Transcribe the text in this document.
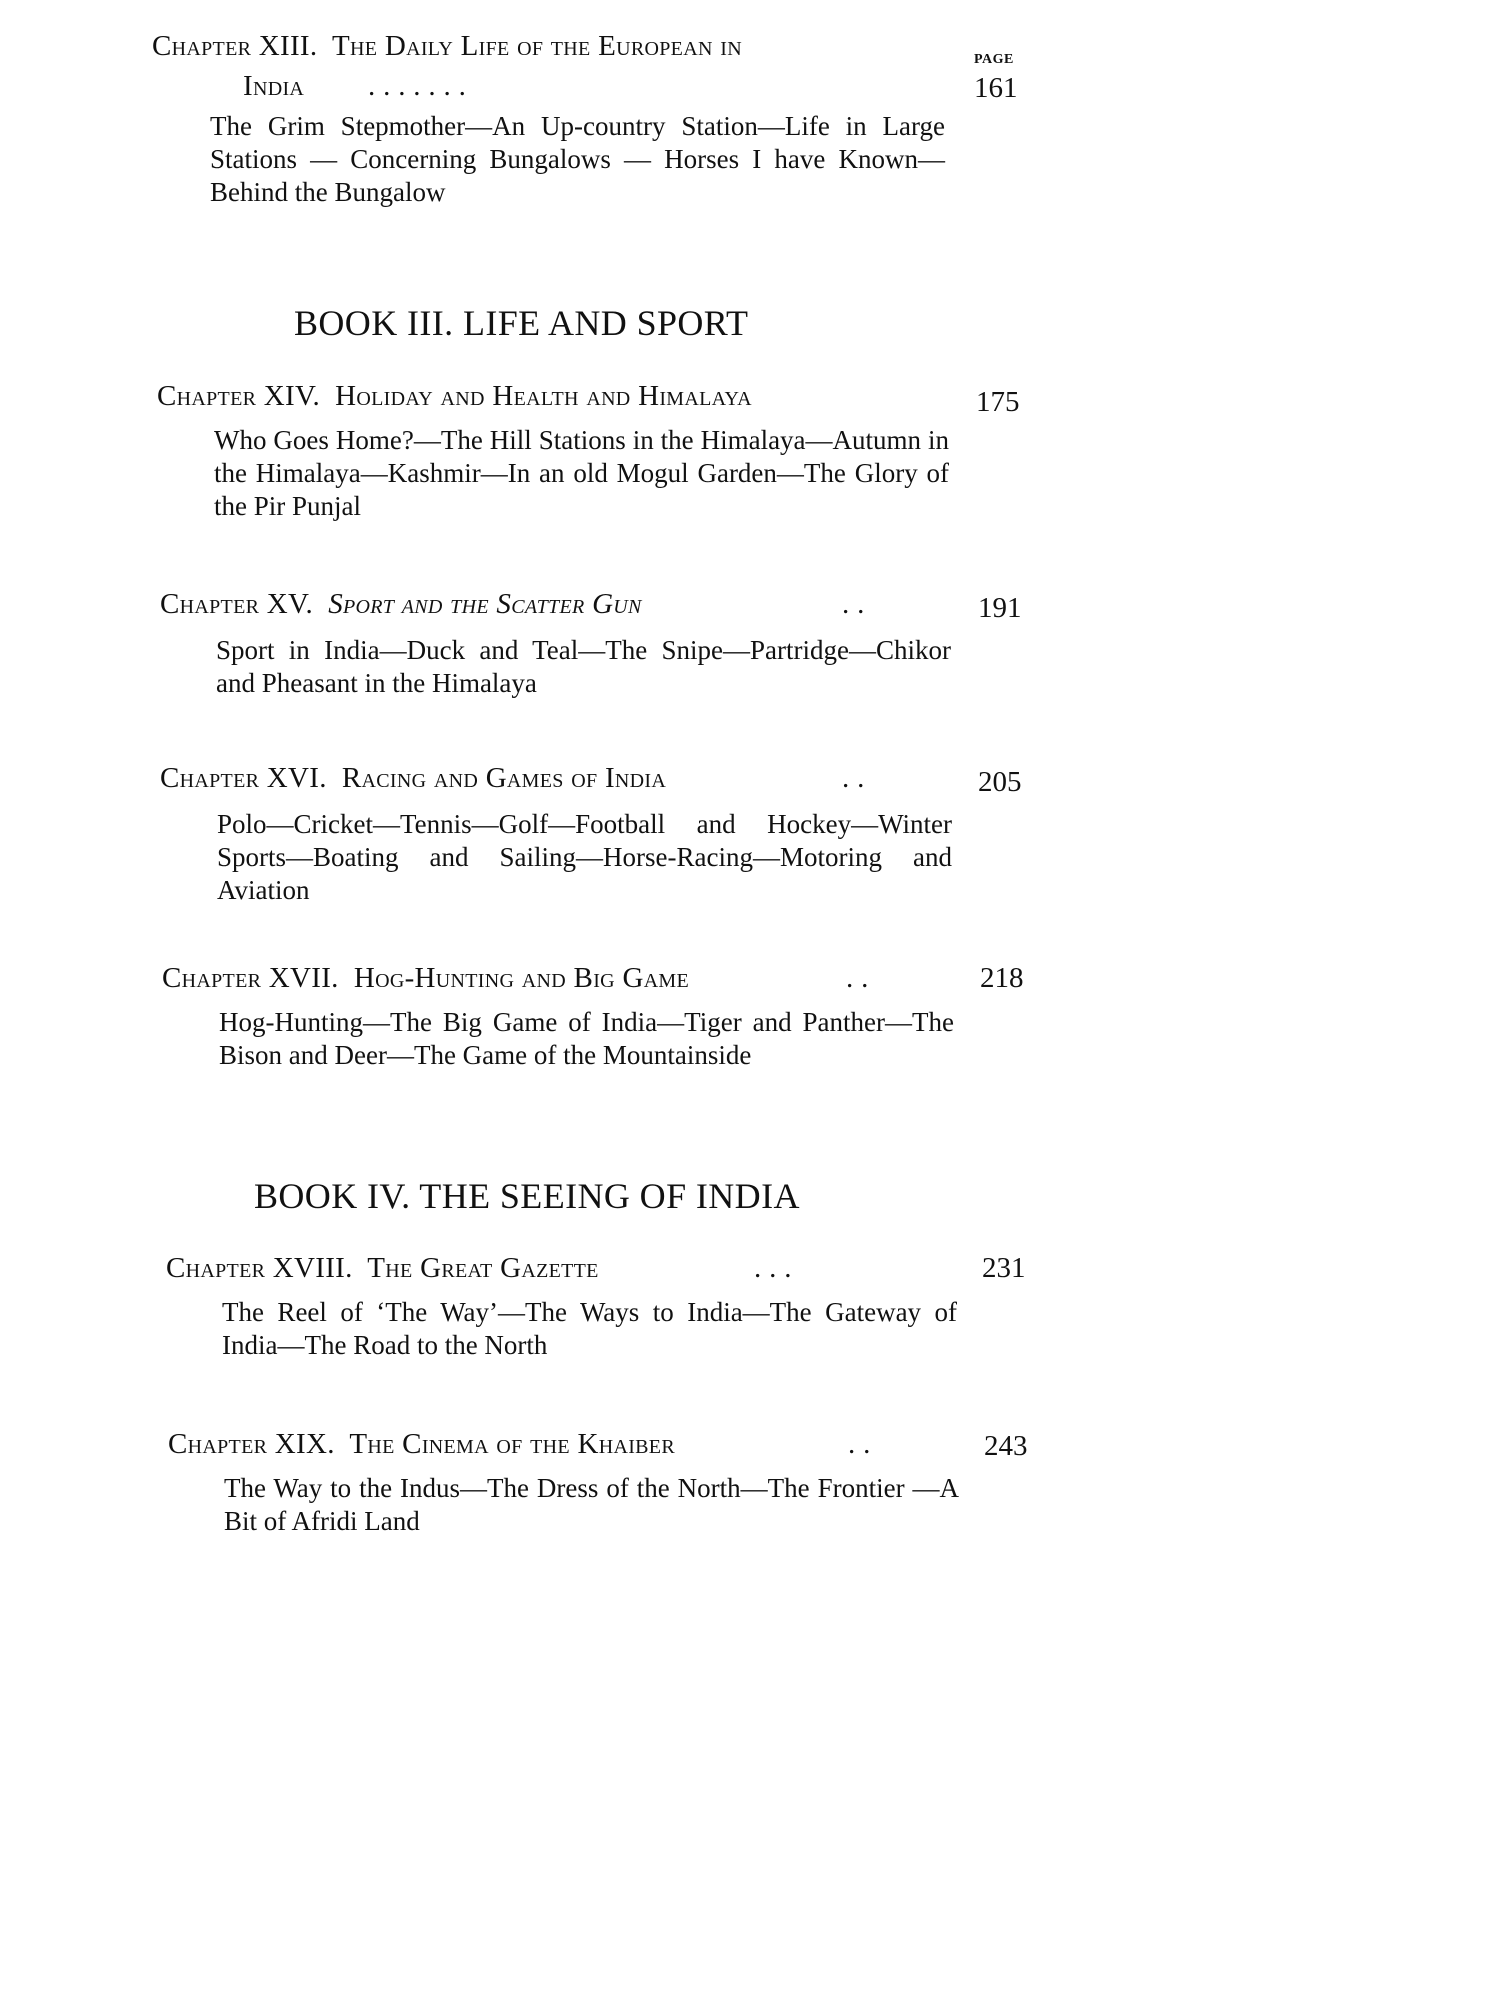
PAGE
Chapter XIII. The Daily Life of the European in
India . . . . . . .	161
The Grim Stepmother—An Up-country Station—Life in Large Stations — Concerning Bungalows — Horses I have Known—Behind the Bungalow
BOOK III. LIFE AND SPORT
Chapter XIV. Holiday and Health and Himalaya	175
Who Goes Home?—The Hill Stations in the Himalaya—Autumn in the Himalaya—Kashmir—In an old Mogul Garden—The Glory of the Pir Punjal
Chapter XV. Sport and the Scatter Gun	. .	191
Sport in India—Duck and Teal—The Snipe—Partridge—Chikor and Pheasant in the Himalaya
Chapter XVI. Racing and Games of India	. .	205
Polo—Cricket—Tennis—Golf—Football and Hockey—Winter Sports—Boating and Sailing—Horse-Racing—Motoring and Aviation
Chapter XVII. Hog-Hunting and Big Game	. .	218
Hog-Hunting—The Big Game of India—Tiger and Panther—The Bison and Deer—The Game of the Mountainside
BOOK IV. THE SEEING OF INDIA
Chapter XVIII. The Great Gazette	. . .	231
The Reel of ‘The Way’—The Ways to India—The Gateway of India—The Road to the North
Chapter XIX. The Cinema of the Khaiber	. .	243
The Way to the Indus—The Dress of the North—The Frontier —A Bit of Afridi Land
